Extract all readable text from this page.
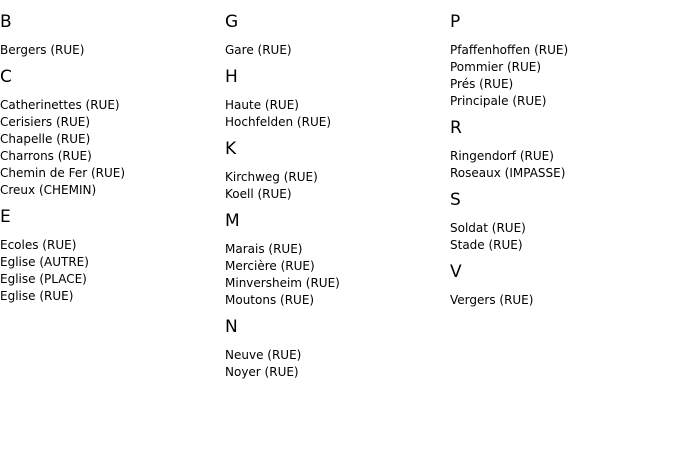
B
Bergers (RUE)
C
Catherinettes (RUE)
Cerisiers (RUE)
Chapelle (RUE)
Charrons (RUE)
Chemin de Fer (RUE)
Creux (CHEMIN)
E
Ecoles (RUE)
Eglise (AUTRE)
Eglise (PLACE)
Eglise (RUE)
G
Gare (RUE)
H
Haute (RUE)
Hochfelden (RUE)
K
Kirchweg (RUE)
Koell (RUE)
M
Marais (RUE)
Mercière (RUE)
Minversheim (RUE)
Moutons (RUE)
N
Neuve (RUE)
Noyer (RUE)
P
Pfaffenhoffen (RUE)
Pommier (RUE)
Prés (RUE)
Principale (RUE)
R
Ringendorf (RUE)
Roseaux (IMPASSE)
S
Soldat (RUE)
Stade (RUE)
V
Vergers (RUE)
